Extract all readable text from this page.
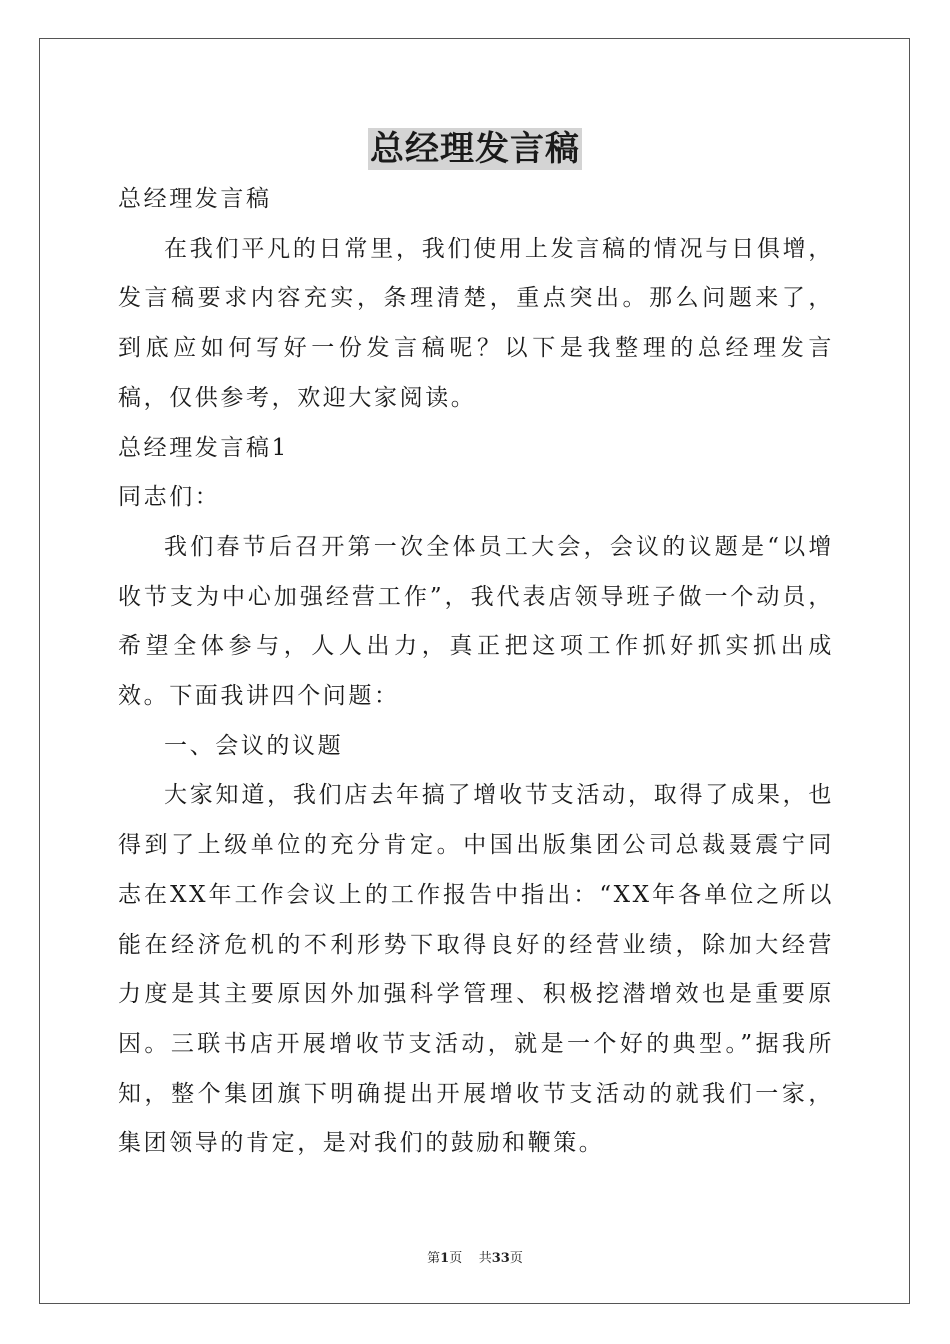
总经理发言稿

总经理发言稿

在我们平凡的日常里，我们使用上发言稿的情况与日俱增，发言稿要求内容充实，条理清楚，重点突出。那么问题来了，到底应如何写好一份发言稿呢？以下是我整理的总经理发言稿，仅供参考，欢迎大家阅读。

总经理发言稿1

同志们：

我们春节后召开第一次全体员工大会，会议的议题是“以增收节支为中心加强经营工作”，我代表店领导班子做一个动员，希望全体参与，人人出力，真正把这项工作抓好抓实抓出成效。下面我讲四个问题：

一、会议的议题

大家知道，我们店去年搞了增收节支活动，取得了成果，也得到了上级单位的充分肯定。中国出版集团公司总裁聂震宁同志在XX年工作会议上的工作报告中指出：“XX年各单位之所以能在经济危机的不利形势下取得良好的经营业绩，除加大经营力度是其主要原因外加强科学管理、积极挖潜增效也是重要原因。三联书店开展增收节支活动，就是一个好的典型。”据我所知，整个集团旗下明确提出开展增收节支活动的就我们一家，集团领导的肯定，是对我们的鼓励和鞭策。

第1页    共33页
